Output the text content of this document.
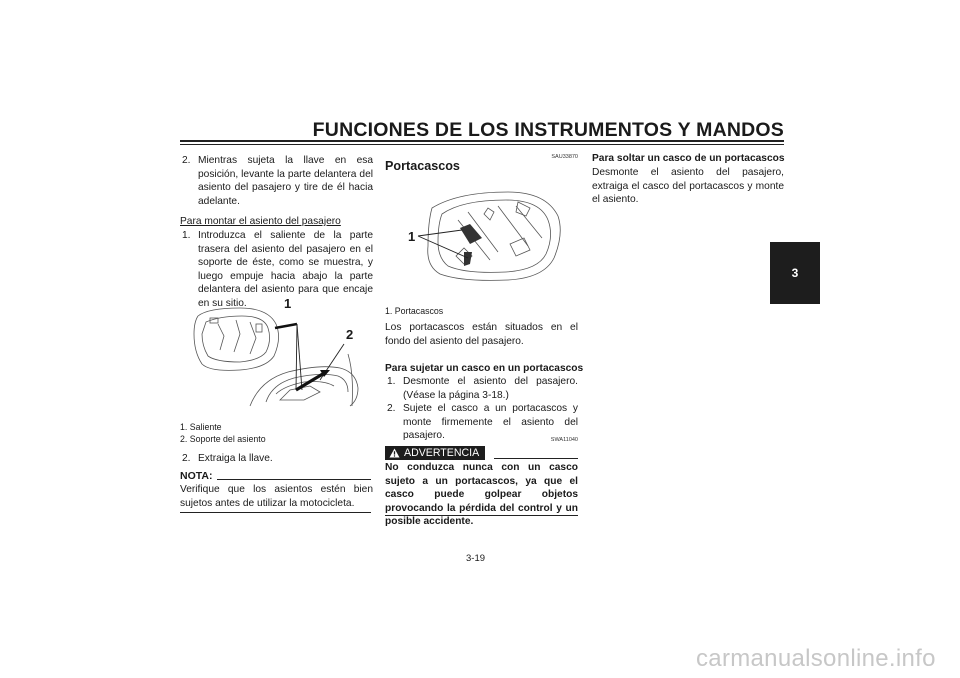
FUNCIONES DE LOS INSTRUMENTOS Y MANDOS
3

2. Mientras sujeta la llave en esa posición, levante la parte delantera del asiento del pasajero y tire de él hacia adelante.

Para montar el asiento del pasajero

1. Introduzca el saliente de la parte trasera del asiento del pasajero en el soporte de éste, como se muestra, y luego empuje hacia abajo la parte delantera del asiento para que encaje en su sitio.	1
2
1. Saliente
2. Soporte del asiento

2. Extraiga la llave.

NOTA:

Verifique que los asientos estén bien sujetos antes de utilizar la motocicleta.

SAU33870
Portacascos
1
1. Portacascos

Los portacascos están situados en el fondo del asiento del pasajero.

Para sujetar un casco en un portacascos

1. Desmonte el asiento del pasajero. (Véase la página 3-18.)

2. Sujete el casco a un portacascos y monte firmemente el asiento del pasajero.	SWA11040
ADVERTENCIA

No conduzca nunca con un casco sujeto a un portacascos, ya que el casco puede golpear objetos provocando la pérdida del control y un posible accidente.

Para soltar un casco de un portacascos

Desmonte el asiento del pasajero, extraiga el casco del portacascos y monte el asiento.

3-19
carmanualsonline.info
